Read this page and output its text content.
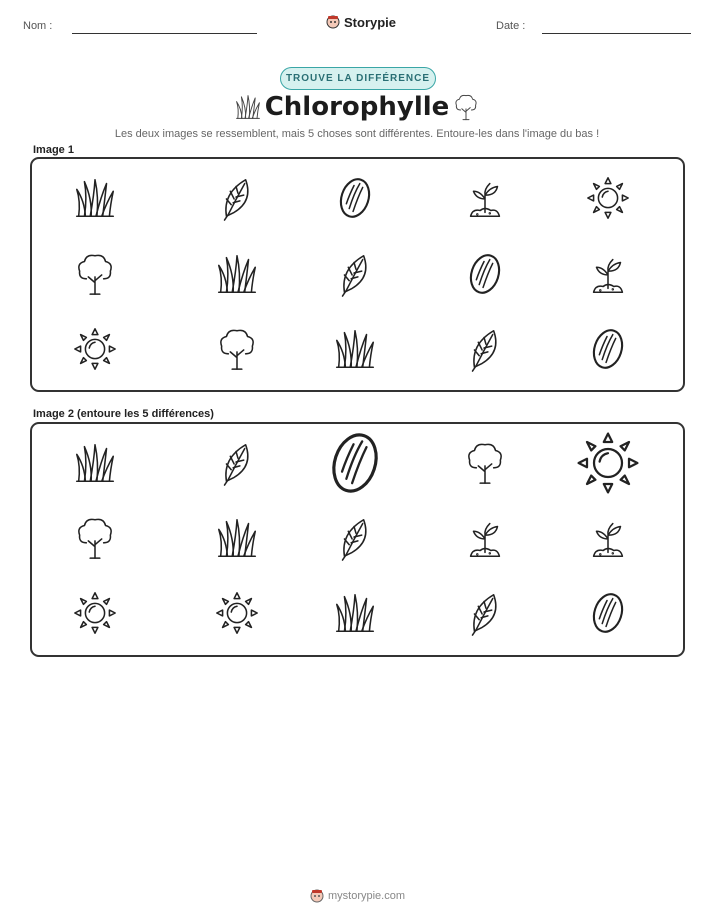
Nom :	Storypie	Date :
TROUVE LA DIFFÉRENCE
Chlorophylle
Les deux images se ressemblent, mais 5 choses sont différentes. Entoure-les dans l'image du bas !
Image 1
Image 2 (entoure les 5 différences)
mystorypie.com
